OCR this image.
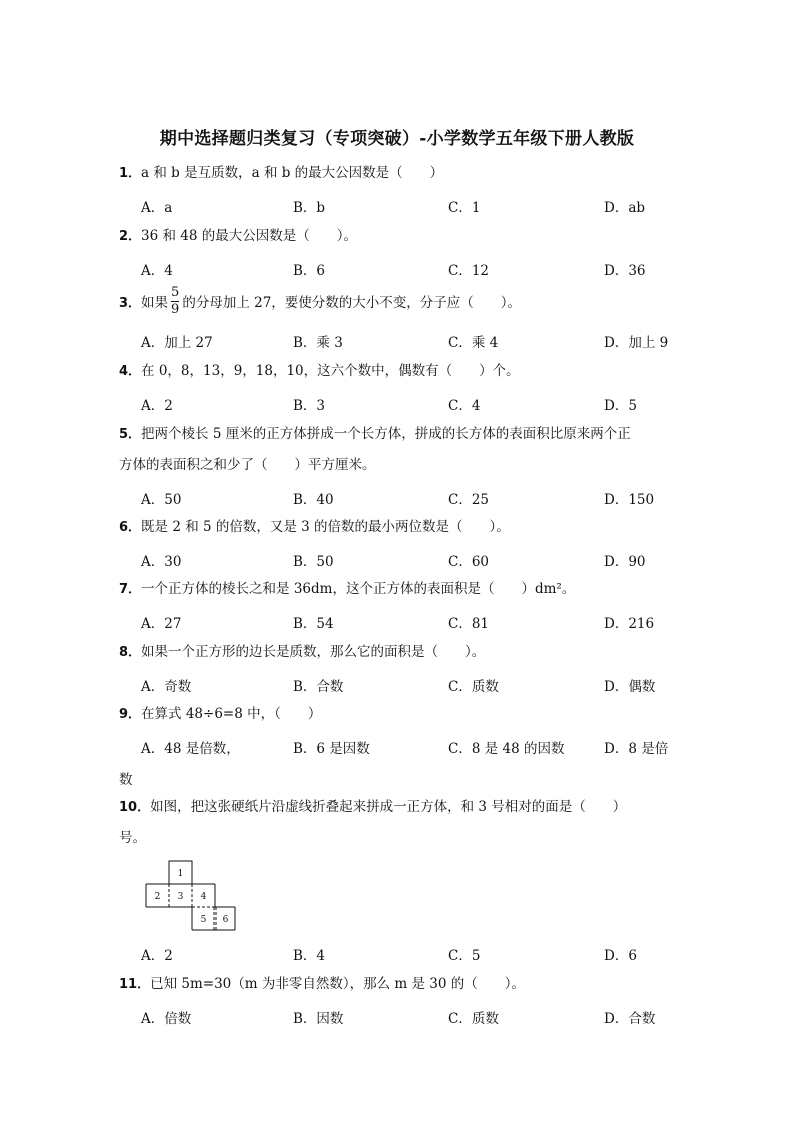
期中选择题归类复习（专项突破）-小学数学五年级下册人教版
1．a 和 b 是互质数，a 和 b 的最大公因数是（　　）
A．a	B．b	C．1	D．ab
2．36 和 48 的最大公因数是（　　）。
A．4	B．6	C．12	D．36
3．如果 $\frac{5}{9}$ 的分母加上 27，要使分数的大小不变，分子应（　　）。
A．加上 27	B．乘 3	C．乘 4	D．加上 9
4．在 0，8，13，9，18，10，这六个数中，偶数有（　　）个。
A．2	B．3	C．4	D．5
5．把两个棱长 5 厘米的正方体拼成一个长方体，拼成的长方体的表面积比原来两个正
方体的表面积之和少了（　　）平方厘米。
A．50	B．40	C．25	D．150
6．既是 2 和 5 的倍数，又是 3 的倍数的最小两位数是（　　）。
A．30	B．50	C．60	D．90
7．一个正方体的棱长之和是 36dm，这个正方体的表面积是（　　）dm²。
A．27	B．54	C．81	D．216
8．如果一个正方形的边长是质数，那么它的面积是（　　）。
A．奇数	B．合数	C．质数	D．偶数
9．在算式 48÷6=8 中，（　　）
A．48 是倍数，	B．6 是因数	C．8 是 48 的因数	D．8 是倍
数
10．如图，把这张硬纸片沿虚线折叠起来拼成一正方体，和 3 号相对的面是（　　）
号。
1
2 3 4
5 6
A．2	B．4	C．5	D．6
11．已知 5m=30（m 为非零自然数），那么 m 是 30 的（　　）。
A．倍数	B．因数	C．质数	D．合数
